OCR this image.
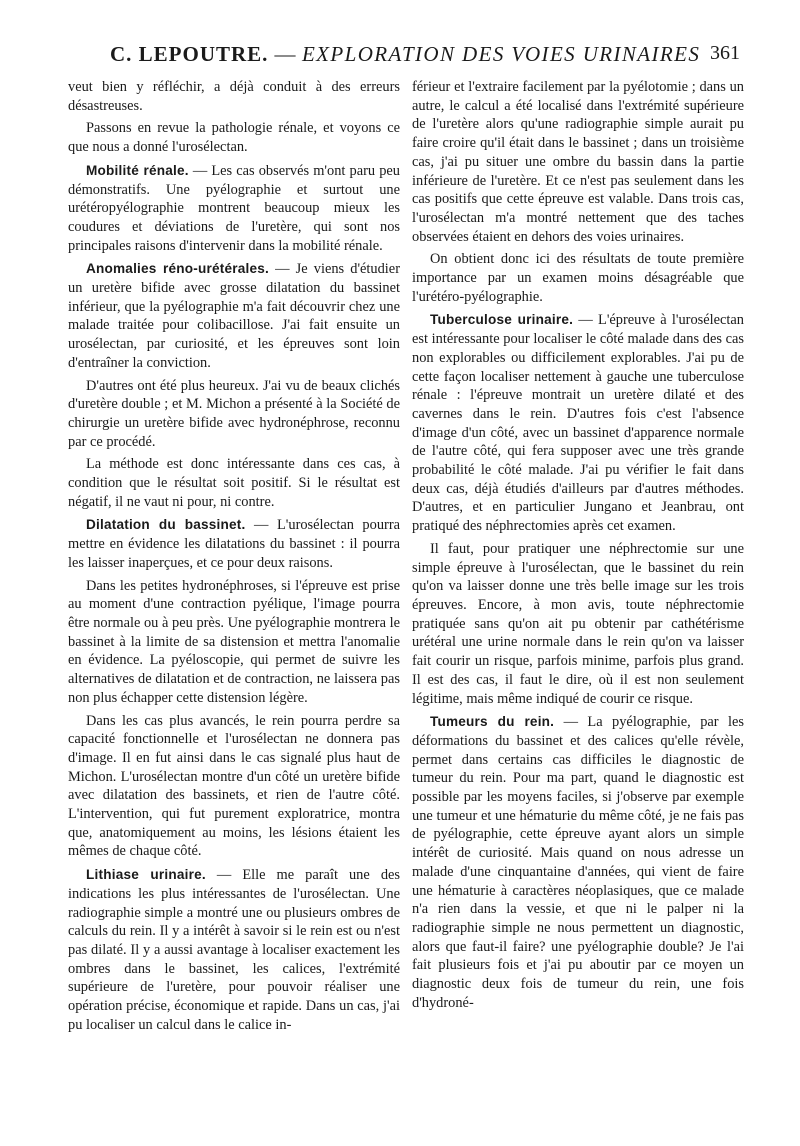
C. LEPOUTRE. — EXPLORATION DES VOIES URINAIRES 361

veut bien y réfléchir, a déjà conduit à des erreurs désastreuses.

Passons en revue la pathologie rénale, et voyons ce que nous a donné l'urosélectan.

Mobilité rénale. — Les cas observés m'ont paru peu démonstratifs. Une pyélographie et surtout une urétéropyélographie montrent beaucoup mieux les coudures et déviations de l'uretère, qui sont nos principales raisons d'intervenir dans la mobilité rénale.

Anomalies réno-urétérales. — Je viens d'étudier un uretère bifide avec grosse dilatation du bassinet inférieur, que la pyélographie m'a fait découvrir chez une malade traitée pour colibacillose. J'ai fait ensuite un urosélectan, par curiosité, et les épreuves sont loin d'entraîner la conviction.

D'autres ont été plus heureux. J'ai vu de beaux clichés d'uretère double ; et M. Michon a présenté à la Société de chirurgie un uretère bifide avec hydronéphrose, reconnu par ce procédé.

La méthode est donc intéressante dans ces cas, à condition que le résultat soit positif. Si le résultat est négatif, il ne vaut ni pour, ni contre.

Dilatation du bassinet. — L'urosélectan pourra mettre en évidence les dilatations du bassinet : il pourra les laisser inaperçues, et ce pour deux raisons.

Dans les petites hydronéphroses, si l'épreuve est prise au moment d'une contraction pyélique, l'image pourra être normale ou à peu près. Une pyélographie montrera le bassinet à la limite de sa distension et mettra l'anomalie en évidence. La pyéloscopie, qui permet de suivre les alternatives de dilatation et de contraction, ne laissera pas non plus échapper cette distension légère.

Dans les cas plus avancés, le rein pourra perdre sa capacité fonctionnelle et l'urosélectan ne donnera pas d'image. Il en fut ainsi dans le cas signalé plus haut de Michon. L'urosélectan montre d'un côté un uretère bifide avec dilatation des bassinets, et rien de l'autre côté. L'intervention, qui fut purement exploratrice, montra que, anatomiquement au moins, les lésions étaient les mêmes de chaque côté.

Lithiase urinaire. — Elle me paraît une des indications les plus intéressantes de l'urosélectan. Une radiographie simple a montré une ou plusieurs ombres de calculs du rein. Il y a intérêt à savoir si le rein est ou n'est pas dilaté. Il y a aussi avantage à localiser exactement les ombres dans le bassinet, les calices, l'extrémité supérieure de l'uretère, pour pouvoir réaliser une opération précise, économique et rapide. Dans un cas, j'ai pu localiser un calcul dans le calice in-

férieur et l'extraire facilement par la pyélotomie ; dans un autre, le calcul a été localisé dans l'extrémité supérieure de l'uretère alors qu'une radiographie simple aurait pu faire croire qu'il était dans le bassinet ; dans un troisième cas, j'ai pu situer une ombre du bassin dans la partie inférieure de l'uretère. Et ce n'est pas seulement dans les cas positifs que cette épreuve est valable. Dans trois cas, l'urosélectan m'a montré nettement que des taches observées étaient en dehors des voies urinaires.

On obtient donc ici des résultats de toute première importance par un examen moins désagréable que l'urétéro-pyélographie.

Tuberculose urinaire. — L'épreuve à l'urosélectan est intéressante pour localiser le côté malade dans des cas non explorables ou difficilement explorables. J'ai pu de cette façon localiser nettement à gauche une tuberculose rénale : l'épreuve montrait un uretère dilaté et des cavernes dans le rein. D'autres fois c'est l'absence d'image d'un côté, avec un bassinet d'apparence normale de l'autre côté, qui fera supposer avec une très grande probabilité le côté malade. J'ai pu vérifier le fait dans deux cas, déjà étudiés d'ailleurs par d'autres méthodes. D'autres, et en particulier Jungano et Jeanbrau, ont pratiqué des néphrectomies après cet examen.

Il faut, pour pratiquer une néphrectomie sur une simple épreuve à l'urosélectan, que le bassinet du rein qu'on va laisser donne une très belle image sur les trois épreuves. Encore, à mon avis, toute néphrectomie pratiquée sans qu'on ait pu obtenir par cathétérisme urétéral une urine normale dans le rein qu'on va laisser fait courir un risque, parfois minime, parfois plus grand. Il est des cas, il faut le dire, où il est non seulement légitime, mais même indiqué de courir ce risque.

Tumeurs du rein. — La pyélographie, par les déformations du bassinet et des calices qu'elle révèle, permet dans certains cas difficiles le diagnostic de tumeur du rein. Pour ma part, quand le diagnostic est possible par les moyens faciles, si j'observe par exemple une tumeur et une hématurie du même côté, je ne fais pas de pyélographie, cette épreuve ayant alors un simple intérêt de curiosité. Mais quand on nous adresse un malade d'une cinquantaine d'années, qui vient de faire une hématurie à caractères néoplasiques, que ce malade n'a rien dans la vessie, et que ni le palper ni la radiographie simple ne nous permettent un diagnostic, alors que faut-il faire? une pyélographie double? Je l'ai fait plusieurs fois et j'ai pu aboutir par ce moyen un diagnostic deux fois de tumeur du rein, une fois d'hydroné-
